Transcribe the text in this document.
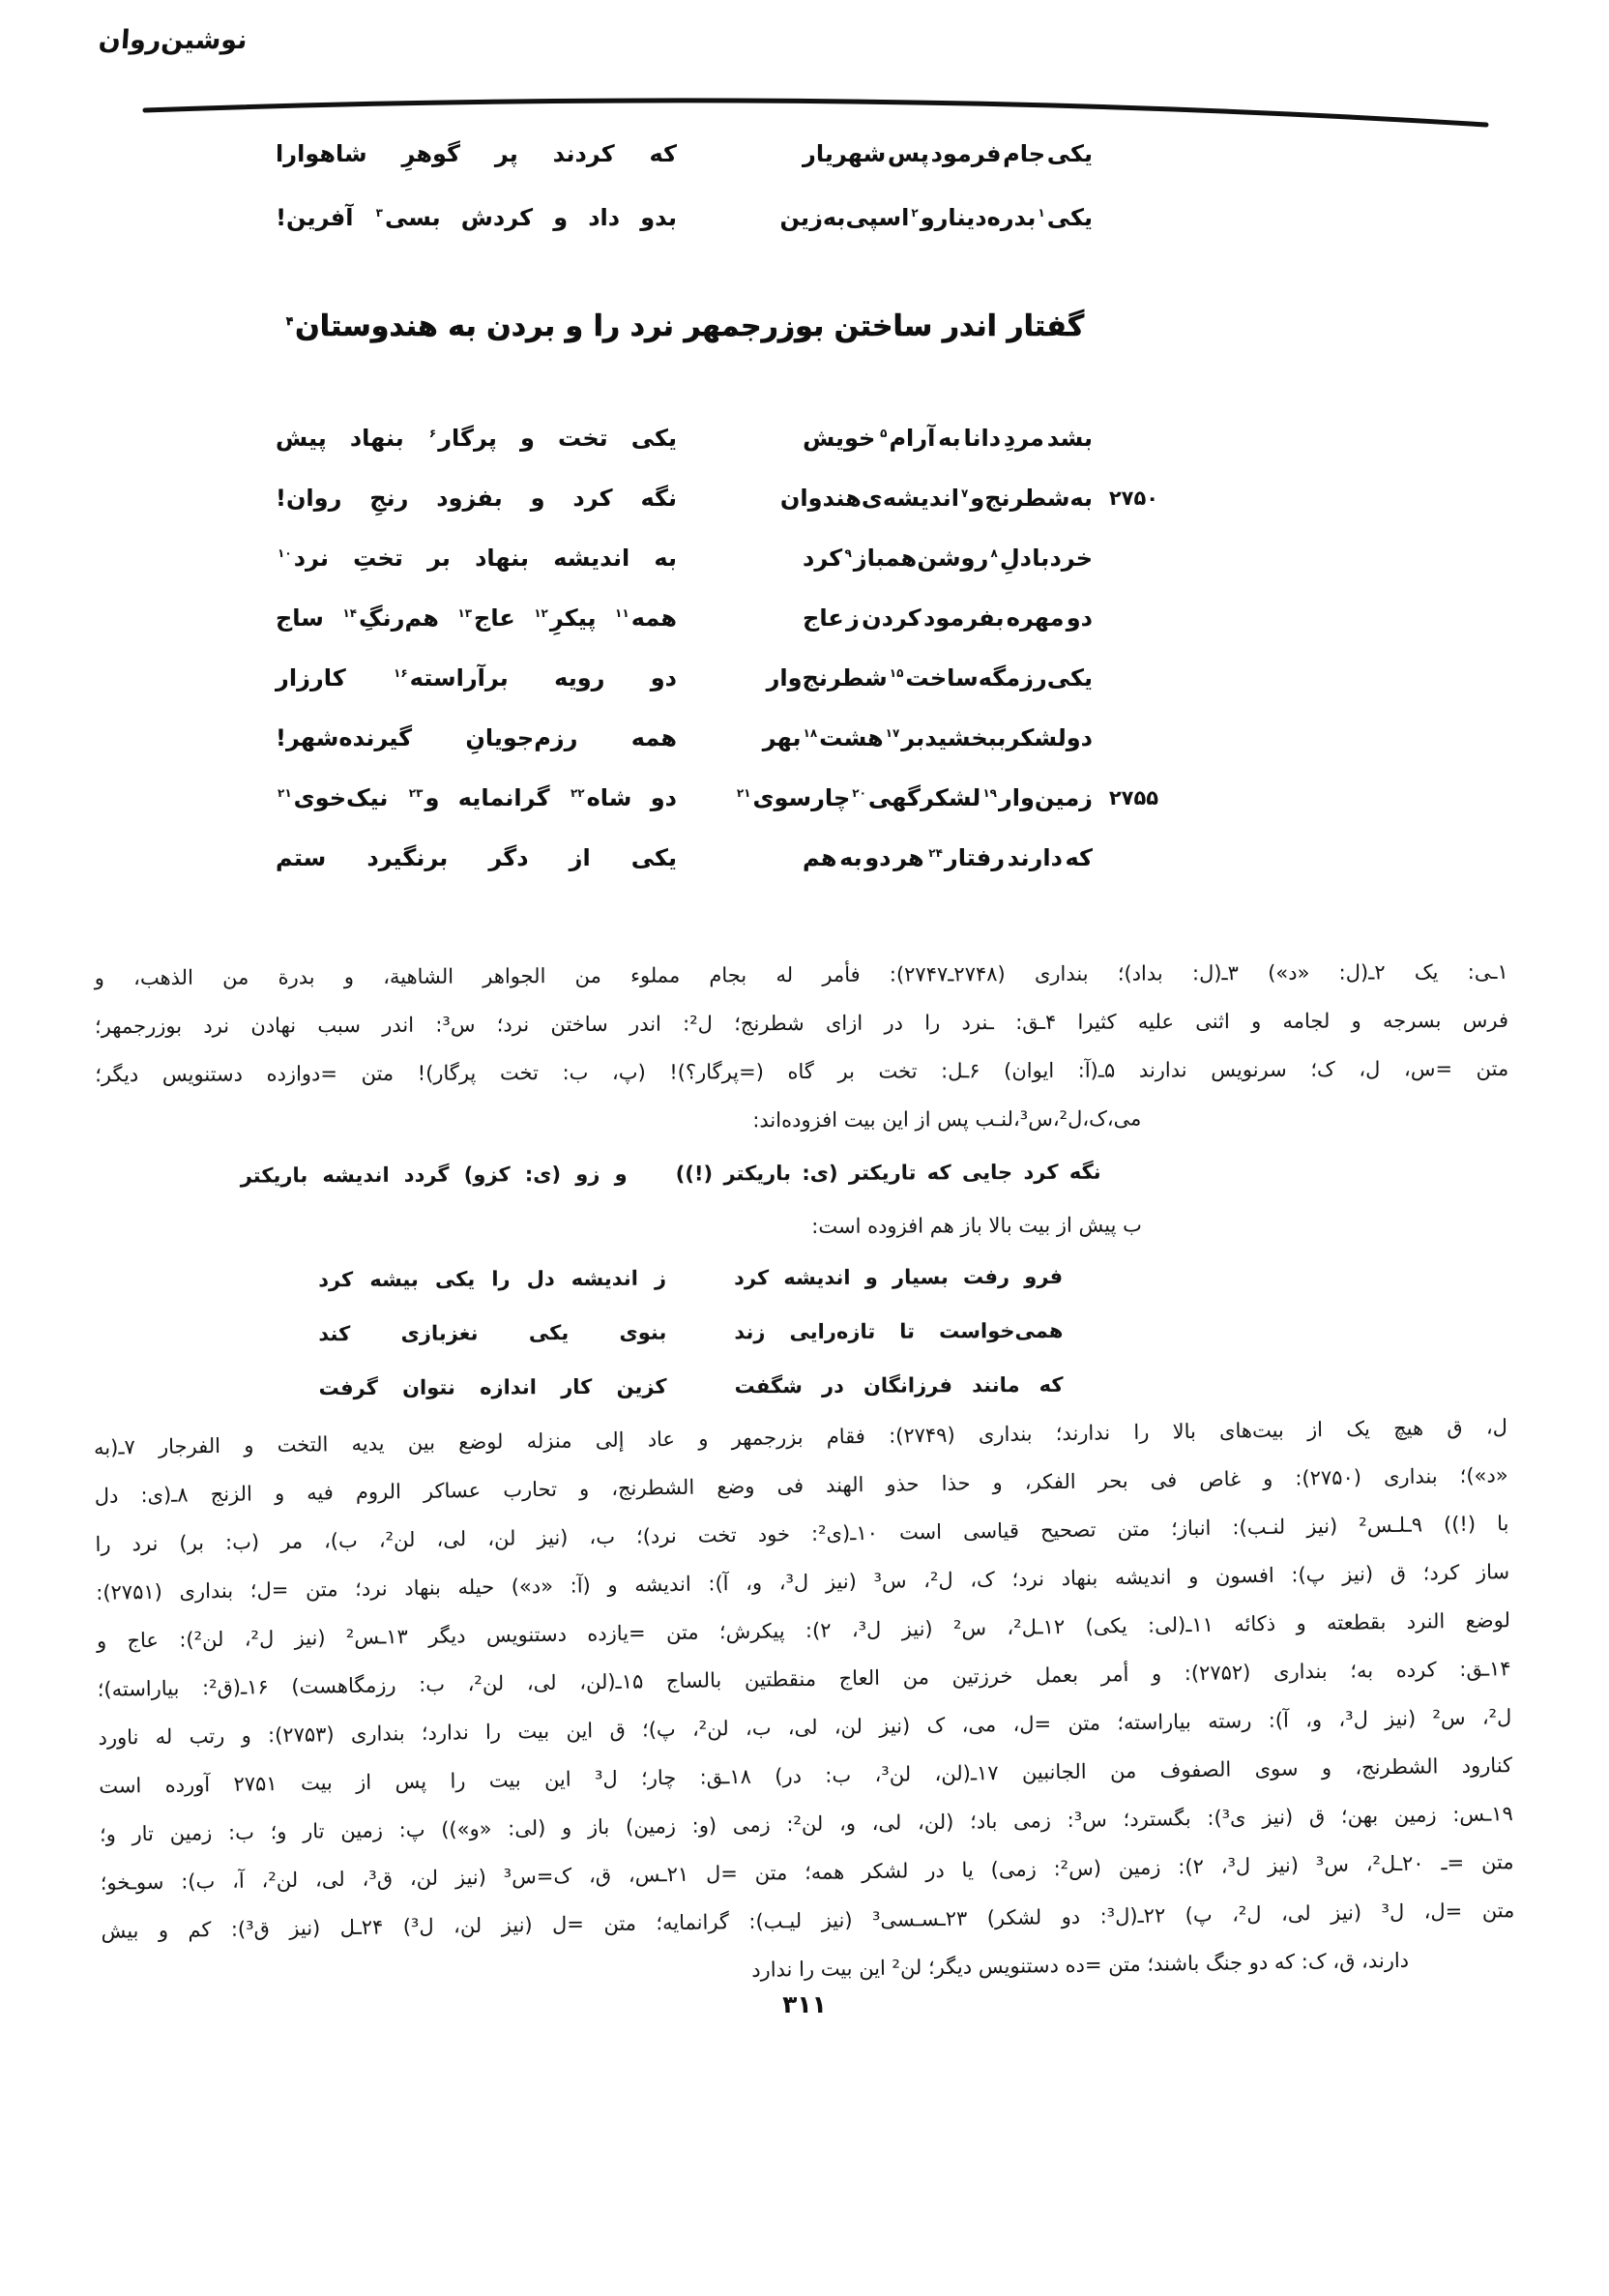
نوشین‌روان
یکی
جام
فرمود
پس
شهریار
که
کردند
پر
گوهرِ
شاهوارا
یکی$^۱$
بدره
دینار
و$^۲$
اسپی
به‌زین
بدو
داد
و
کردش
بسی$^۳$
آفرین!
گفتار اندر ساختن بوزرجمهر نرد را و بردن به هندوستان$^۴$
بشد
مردِ
دانا
به
آرام$^۵$
خویش
یکی
تخت
و
پرگار$^۶$
بنهاد
پیش
۲۷۵۰
به
شطرنج
و$^۷$
اندیشه‌ی
هندوان
نگه
کرد
و
بفزود
رنجِ
روان!
خرد
با
دلِ$^۸$
روشن
همباز$^۹$
کرد
به
اندیشه
بنهاد
بر
تختِ
نرد$^{۱۰}$
دو
مهره
بفرمود
کردن
ز
عاج
همه$^{۱۱}$
پیکرِ$^{۱۲}$
عاج$^{۱۳}$
هم‌رنگِ$^{۱۴}$
ساج
یکی
رزمگه
ساخت$^{۱۵}$
شطرنج‌وار
دو
رویه
برآراسته$^{۱۶}$
کارزار
دو
لشکر
ببخشید
بر$^{۱۷}$
هشت$^{۱۸}$
بهر
همه
رزم‌جویانِ
گیرنده‌شهر!
۲۷۵۵
زمین‌وار$^{۱۹}$
لشکرگهی$^{۲۰}$
چارسوی$^{۲۱}$
دو
شاه$^{۲۲}$
گرانمایه
و$^{۲۳}$
نیک‌خوی$^{۲۱}$
که
دارند
رفتار$^{۲۴}$
هر
دو
به
هم
یکی
از
دگر
برنگیرد
ستم
۱ـی: یک ۲ـ(ل: «د») ۳ـ(ل: بداد)؛ بنداری (۲۷۴۸ـ۲۷۴۷): فأمر له بجام مملوء من الجواهر الشاهیة، و بدرة من الذهب، و
فرس بسرجه و لجامه و اثنی علیه کثیرا ۴ـق: ـنرد را در ازای شطرنج؛ ل²: اندر ساختن نرد؛ س³: اندر سبب نهادن نرد بوزرجمهر؛
متن =س، ل، ک؛ سرنویس ندارند ۵ـ(آ: ایوان) ۶ـل: تخت بر گاه (=پرگار؟)! (پ، ب: تخت پرگار)! متن =دوازده دستنویس دیگر؛
می،ک،ل²،س³،لنـب پس از این بیت افزوده‌اند:
نگه
کرد
جایی
که
تاریکتر
(ی:
باریکتر
(!))
و
زو
(ی:
کزو)
گردد
اندیشه
باریکتر
ب پیش از بیت بالا باز هم افزوده است:
فرو
رفت
بسیار
و
اندیشه
کرد
ز
اندیشه
دل
را
یکی
بیشه
کرد
همی‌خواست
تا
تازه‌رایی
زند
بنوی
یکی
نغزبازی
کند
که
مانند
فرزانگان
در
شگفت
کزین
کار
اندازه
نتوان
گرفت
ل، ق هیچ یک از بیت‌های بالا را ندارند؛ بنداری (۲۷۴۹): فقام بزرجمهر و عاد إلی منزله لوضع بین یدیه التخت و الفرجار ۷ـ(به
«د»)؛ بنداری (۲۷۵۰): و غاص فی بحر الفکر، و حذا حذو الهند فی وضع الشطرنج، و تحارب عساکر الروم فیه و الزنج ۸ـ(ی: دل
با (!)) ۹ـلـس² (نیز لنـب): انباز؛ متن تصحیح قیاسی است ۱۰ـ(ی²: خود تخت نرد)؛ ب، (نیز لن، لی، لن²، ب)، مر (ب: بر) نرد را
ساز کرد؛ ق (نیز پ): افسون و اندیشه بنهاد نرد؛ ک، ل²، س³ (نیز ل³، و، آ): اندیشه و (آ: «د») حیله بنهاد نرد؛ متن =ل؛ بنداری (۲۷۵۱):
لوضع النرد بقطعته و ذکائه ۱۱ـ(لی: یکی) ۱۲ـل²، س² (نیز ل³، ۲): پیکرش؛ متن =یازده دستنویس دیگر ۱۳ـس² (نیز ل²، لن²): عاج و
۱۴ـق: کرده به؛ بنداری (۲۷۵۲): و أمر بعمل خرزتین من العاج منقطتین بالساج ۱۵ـ(لن، لی، لن²، ب: رزمگاهست) ۱۶ـ(ق²: بیاراسته)؛
ل²، س² (نیز ل³، و، آ): رسته بیاراسته؛ متن =ل، می، ک (نیز لن، لی، ب، لن²، پ)؛ ق این بیت را ندارد؛ بنداری (۲۷۵۳): و رتب له ناورد
کنارود الشطرنج، و سوی الصفوف من الجانبین ۱۷ـ(لن، لن³، ب: در) ۱۸ـق: چار؛ ل³ این بیت را پس از بیت ۲۷۵۱ آورده است
۱۹ـس: زمین بهن؛ ق (نیز ی³): بگسترد؛ س³: زمی باد؛ (لن، لی، و، لن²: زمی (و: زمین) باز و (لی: «و»)) پ: زمین تار و؛ ب: زمین تار و؛
متن =ـ ۲۰ـل²، س³ (نیز ل³، ۲): زمین (س²: زمی) یا در لشکر همه؛ متن =ل ۲۱ـس، ق، ک=س³ (نیز لن، ق³، لی، لن²، آ، ب): سوـخو؛
متن =ل، ل³ (نیز لی، ل²، پ) ۲۲ـ(ل³: دو لشکر) ۲۳ـسـسی³ (نیز لیـب): گرانمایه؛ متن =ل (نیز لن، ل³) ۲۴ـل (نیز ق³): کم و بیش
دارند، ق، ک: که دو جنگ باشند؛ متن =ده دستنویس دیگر؛ لن² این بیت را ندارد
۳۱۱
